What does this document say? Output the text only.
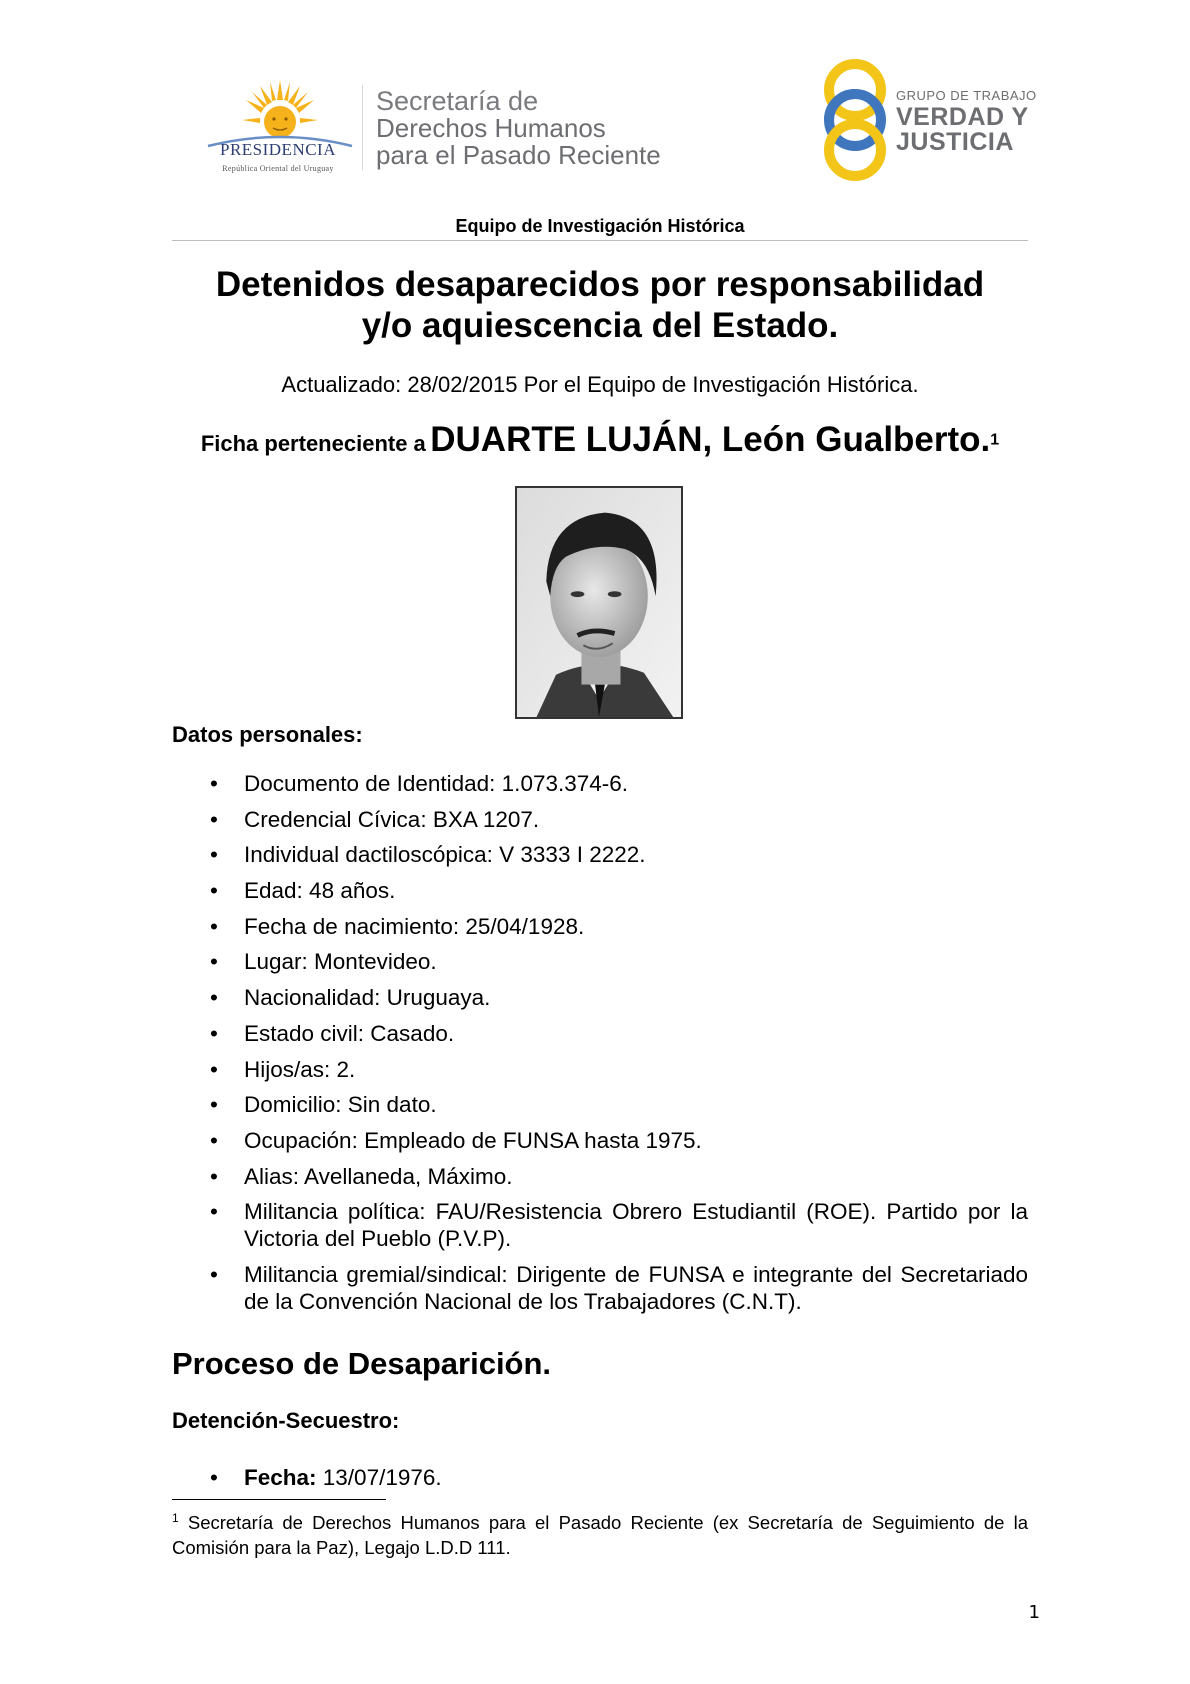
PRESIDENCIA
República Oriental del Uruguay
Secretaría de
Derechos Humanos
para el Pasado Reciente
GRUPO DE TRABAJO
VERDAD Y
JUSTICIA
Equipo de Investigación Histórica
Detenidos desaparecidos por responsabilidad
y/o aquiescencia del Estado.
Actualizado: 28/02/2015 Por el Equipo de Investigación Histórica.
Ficha perteneciente a DUARTE LUJÁN, León Gualberto.1
Datos personales:
• Documento de Identidad: 1.073.374-6.
• Credencial Cívica: BXA 1207.
• Individual dactiloscópica: V 3333 I 2222.
• Edad: 48 años.
• Fecha de nacimiento: 25/04/1928.
• Lugar: Montevideo.
• Nacionalidad: Uruguaya.
• Estado civil: Casado.
• Hijos/as: 2.
• Domicilio: Sin dato.
• Ocupación: Empleado de FUNSA hasta 1975.
• Alias: Avellaneda, Máximo.
• Militancia política: FAU/Resistencia Obrero Estudiantil (ROE). Partido por la Victoria del Pueblo (P.V.P).
• Militancia gremial/sindical: Dirigente de FUNSA e integrante del Secretariado de la Convención Nacional de los Trabajadores (C.N.T).
Proceso de Desaparición.
Detención-Secuestro:
• Fecha: 13/07/1976.
$^1$ Secretaría de Derechos Humanos para el Pasado Reciente (ex Secretaría de Seguimiento de la Comisión para la Paz), Legajo L.D.D 111.
1
